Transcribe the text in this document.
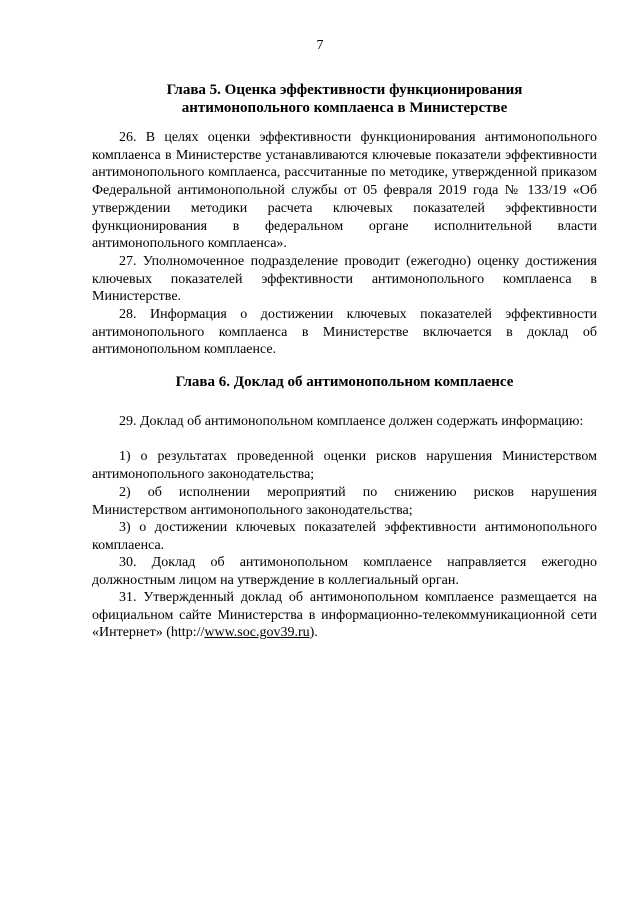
7
Глава 5. Оценка эффективности функционирования
антимонопольного комплаенса в Министерстве
26. В целях оценки эффективности функционирования антимонопольного комплаенса в Министерстве устанавливаются ключевые показатели эффективности антимонопольного комплаенса, рассчитанные по методике, утвержденной приказом Федеральной антимонопольной службы от 05 февраля 2019 года № 133/19 «Об утверждении методики расчета ключевых показателей эффективности функционирования в федеральном органе исполнительной власти антимонопольного комплаенса».
27. Уполномоченное подразделение проводит (ежегодно) оценку достижения ключевых показателей эффективности антимонопольного комплаенса в Министерстве.
28. Информация о достижении ключевых показателей эффективности антимонопольного комплаенса в Министерстве включается в доклад об антимонопольном комплаенсе.
Глава 6. Доклад об антимонопольном комплаенсе
29. Доклад об антимонопольном комплаенсе должен содержать информацию:
1) о результатах проведенной оценки рисков нарушения Министерством антимонопольного законодательства;
2) об исполнении мероприятий по снижению рисков нарушения Министерством антимонопольного законодательства;
3) о достижении ключевых показателей эффективности антимонопольного комплаенса.
30. Доклад об антимонопольном комплаенсе направляется ежегодно должностным лицом на утверждение в коллегиальный орган.
31. Утвержденный доклад об антимонопольном комплаенсе размещается на официальном сайте Министерства в информационно-телекоммуникационной сети «Интернет» (http://www.soc.gov39.ru).
